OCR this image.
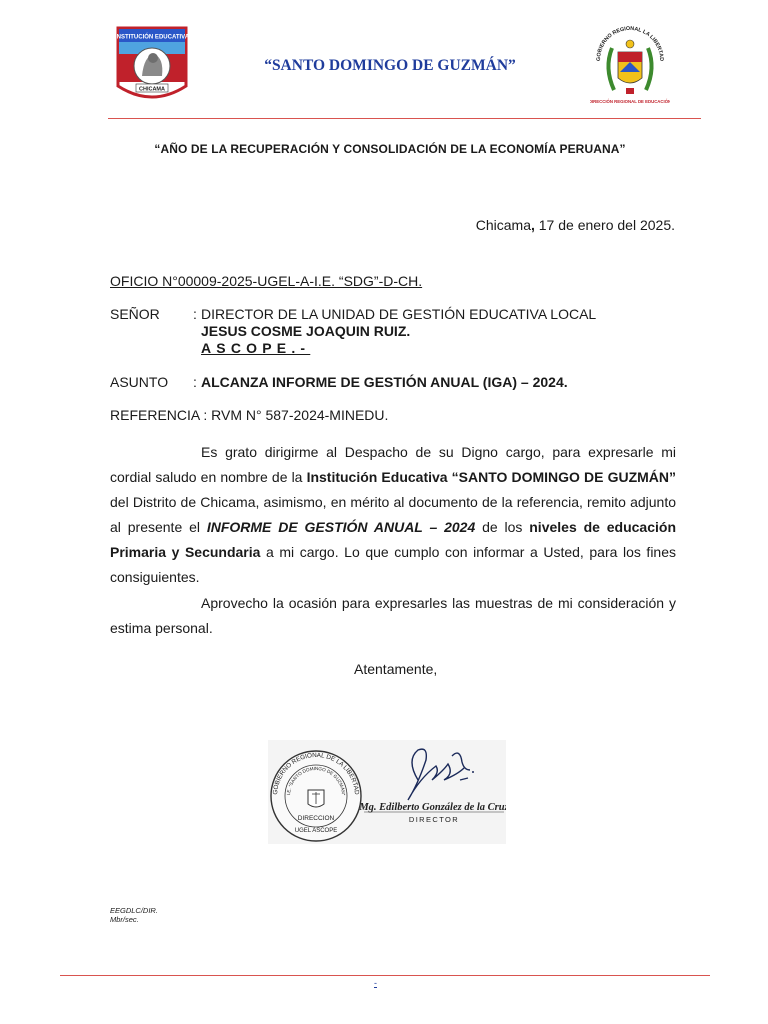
INSTITUCIÓN EDUCATIVA
CHICAMA
“SANTO DOMINGO DE GUZMÁN”	GOBIERNO REGIONAL LA LIBERTAD
DIRECCIÓN REGIONAL DE EDUCACIÓN
“AÑO DE LA RECUPERACIÓN Y CONSOLIDACIÓN DE LA ECONOMÍA PERUANA”
Chicama, 17 de enero del 2025.
OFICIO N°00009-2025-UGEL-A-I.E. “SDG”-D-CH.
SEÑOR : DIRECTOR DE LA UNIDAD DE GESTIÓN EDUCATIVA LOCAL
JESUS COSME JOAQUIN RUIZ.
ASCOPE.-
ASUNTO : ALCANZA INFORME DE GESTIÓN ANUAL (IGA) – 2024.
REFERENCIA : RVM N° 587-2024-MINEDU.
Es grato dirigirme al Despacho de su Digno cargo, para expresarle mi cordial saludo en nombre de la Institución Educativa “SANTO DOMINGO DE GUZMÁN” del Distrito de Chicama, asimismo, en mérito al documento de la referencia, remito adjunto al presente el INFORME DE GESTIÓN ANUAL – 2024 de los niveles de educación Primaria y Secundaria a mi cargo. Lo que cumplo con informar a Usted, para los fines consiguientes.
Aprovecho la ocasión para expresarles las muestras de mi consideración y estima personal.
Atentamente,
GOBIERNO REGIONAL DE LA LIBERTAD
I.E. “SANTO DOMINGO DE GUZMÁN”
DIRECCION
UGEL ASCOPE
Mg. Edilberto González de la Cruz
DIRECTOR
EEGDLC/DIR.
Mbr/sec.
-
